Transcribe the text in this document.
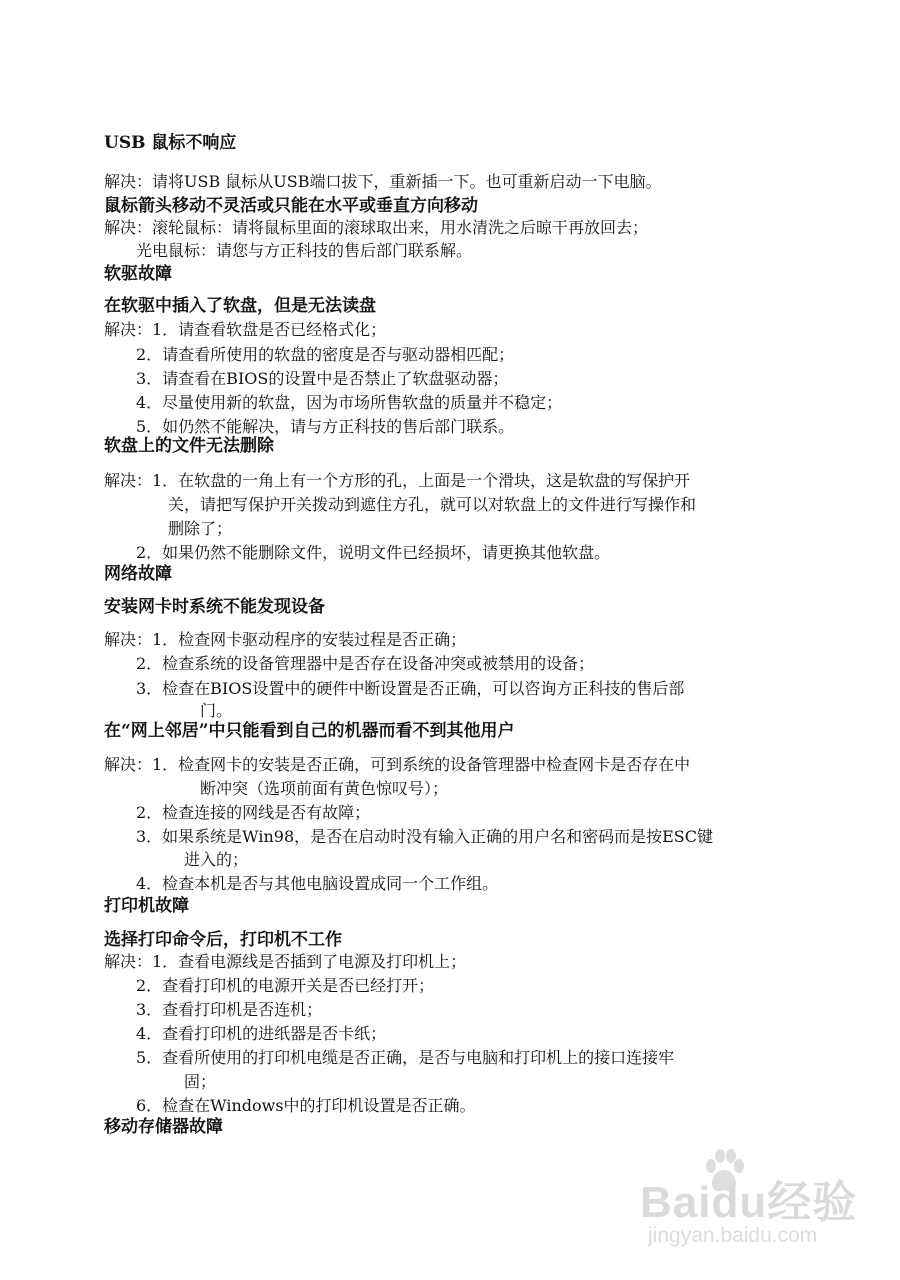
USB 鼠标不响应
解决：请将USB 鼠标从USB端口拔下，重新插一下。也可重新启动一下电脑。
鼠标箭头移动不灵活或只能在水平或垂直方向移动
解决：滚轮鼠标：请将鼠标里面的滚球取出来，用水清洗之后晾干再放回去；
光电鼠标：请您与方正科技的售后部门联系解。
软驱故障
在软驱中插入了软盘，但是无法读盘
解决：1．请查看软盘是否已经格式化；
2．请查看所使用的软盘的密度是否与驱动器相匹配；
3．请查看在BIOS的设置中是否禁止了软盘驱动器；
4．尽量使用新的软盘，因为市场所售软盘的质量并不稳定；
5．如仍然不能解决，请与方正科技的售后部门联系。
软盘上的文件无法删除
解决：1．在软盘的一角上有一个方形的孔，上面是一个滑块，这是软盘的写保护开
关，请把写保护开关拨动到遮住方孔，就可以对软盘上的文件进行写操作和
删除了；
2．如果仍然不能删除文件，说明文件已经损坏，请更换其他软盘。
网络故障
安装网卡时系统不能发现设备
解决：1．检查网卡驱动程序的安装过程是否正确；
2．检查系统的设备管理器中是否存在设备冲突或被禁用的设备；
3．检查在BIOS设置中的硬件中断设置是否正确，可以咨询方正科技的售后部
门。
在“网上邻居”中只能看到自己的机器而看不到其他用户
解决：1．检查网卡的安装是否正确，可到系统的设备管理器中检查网卡是否存在中
断冲突（选项前面有黄色惊叹号）；
2．检查连接的网线是否有故障；
3．如果系统是Win98，是否在启动时没有输入正确的用户名和密码而是按ESC键
进入的；
4．检查本机是否与其他电脑设置成同一个工作组。
打印机故障
选择打印命令后，打印机不工作
解决：1．查看电源线是否插到了电源及打印机上；
2．查看打印机的电源开关是否已经打开；
3．查看打印机是否连机；
4．查看打印机的进纸器是否卡纸；
5．查看所使用的打印机电缆是否正确，是否与电脑和打印机上的接口连接牢
固；
6．检查在Windows中的打印机设置是否正确。
移动存储器故障
Baidu经验
jingyan.baidu.com
